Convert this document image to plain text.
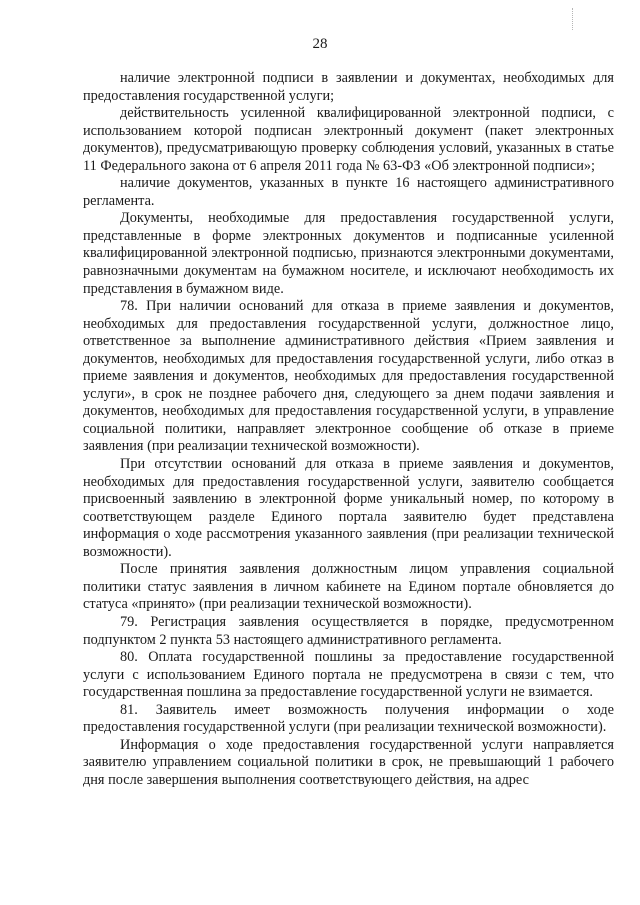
28

наличие электронной подписи в заявлении и документах, необходимых для предоставления государственной услуги;

действительность усиленной квалифицированной электронной подписи, с использованием которой подписан электронный документ (пакет электронных документов), предусматривающую проверку соблюдения условий, указанных в статье 11 Федерального закона от 6 апреля 2011 года № 63-ФЗ «Об электронной подписи»;

наличие документов, указанных в пункте 16 настоящего административного регламента.

Документы, необходимые для предоставления государственной услуги, представленные в форме электронных документов и подписанные усиленной квалифицированной электронной подписью, признаются электронными документами, равнозначными документам на бумажном носителе, и исключают необходимость их представления в бумажном виде.

78. При наличии оснований для отказа в приеме заявления и документов, необходимых для предоставления государственной услуги, должностное лицо, ответственное за выполнение административного действия «Прием заявления и документов, необходимых для предоставления государственной услуги, либо отказ в приеме заявления и документов, необходимых для предоставления государственной услуги», в срок не позднее рабочего дня, следующего за днем подачи заявления и документов, необходимых для предоставления государственной услуги, в управление социальной политики, направляет электронное сообщение об отказе в приеме заявления (при реализации технической возможности).

При отсутствии оснований для отказа в приеме заявления и документов, необходимых для предоставления государственной услуги, заявителю сообщается присвоенный заявлению в электронной форме уникальный номер, по которому в соответствующем разделе Единого портала заявителю будет представлена информация о ходе рассмотрения указанного заявления (при реализации технической возможности).

После принятия заявления должностным лицом управления социальной политики статус заявления в личном кабинете на Едином портале обновляется до статуса «принято» (при реализации технической возможности).

79. Регистрация заявления осуществляется в порядке, предусмотренном подпунктом 2 пункта 53 настоящего административного регламента.

80. Оплата государственной пошлины за предоставление государственной услуги с использованием Единого портала не предусмотрена в связи с тем, что государственная пошлина за предоставление государственной услуги не взимается.

81. Заявитель имеет возможность получения информации о ходе предоставления государственной услуги (при реализации технической возможности).

Информация о ходе предоставления государственной услуги направляется заявителю управлением социальной политики в срок, не превышающий 1 рабочего дня после завершения выполнения соответствующего действия, на адрес
